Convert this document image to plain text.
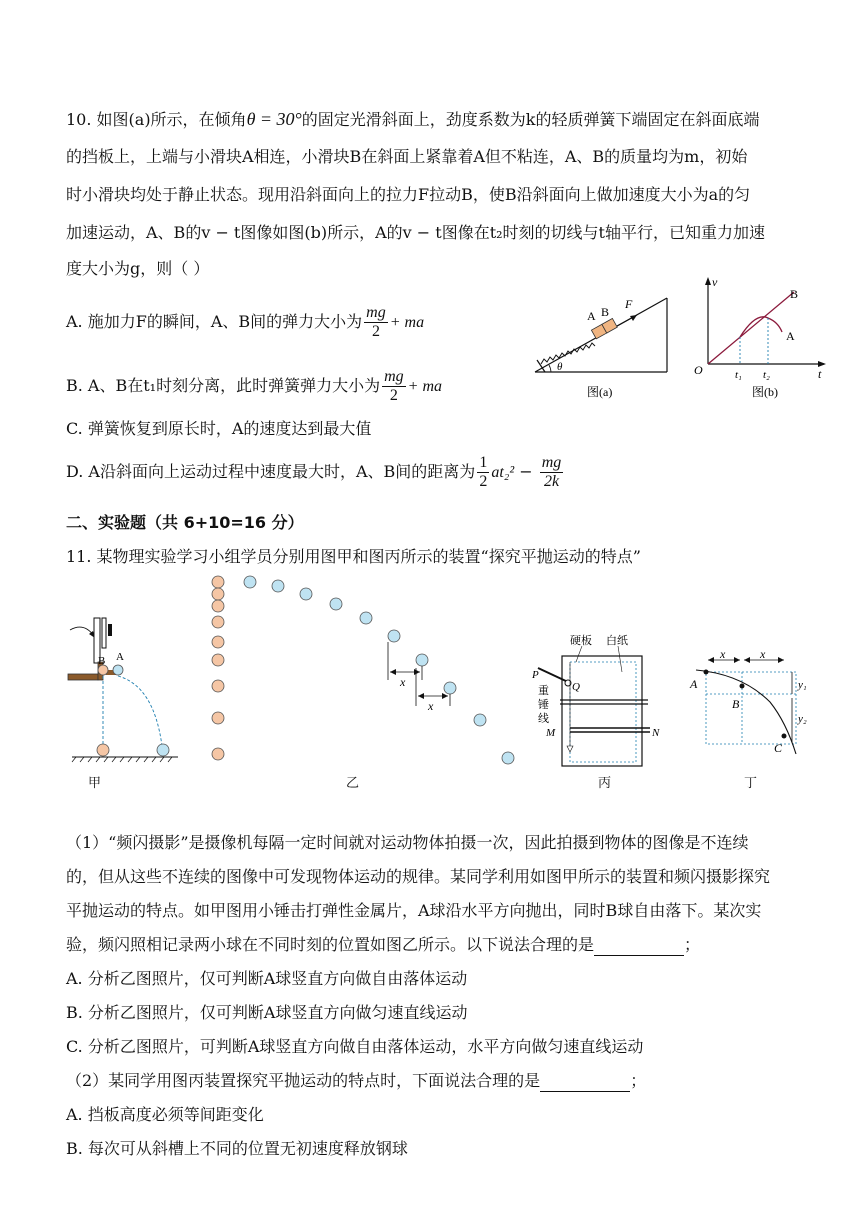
10. 如图(a)所示，在倾角θ = 30°的固定光滑斜面上，劲度系数为k的轻质弹簧下端固定在斜面底端
的挡板上，上端与小滑块A相连，小滑块B在斜面上紧靠着A但不粘连，A、B的质量均为m，初始
时小滑块均处于静止状态。现用沿斜面向上的拉力F拉动B，使B沿斜面向上做加速度大小为a的匀
加速运动，A、B的v − t图像如图(b)所示，A的v − t图像在t₂时刻的切线与t轴平行，已知重力加速
度大小为g，则（ ）
A. 施加力F的瞬间，A、B间的弹力大小为 $\frac{mg}{2}$ + ma
B. A、B在t₁时刻分离，此时弹簧弹力大小为 $\frac{mg}{2}$ + ma
C. 弹簧恢复到原长时，A的速度达到最大值
D. A沿斜面向上运动过程中速度最大时，A、B间的距离为 $\frac{1}{2} at_2^2 - \frac{mg}{2k}$
A B
F
θ
图(a)
v
t
O	t₁ t₂
B
A
图(b)
二、实验题（共 6+10=16 分）
11. 某物理实验学习小组学员分别用图甲和图丙所示的装置“探究平抛运动的特点”
B A
甲
x
x
乙
P
Q
硬板 白纸
重
锤
线
M	N
丙
x	x
y₁
y₂
A
B
C
丁
（1）“频闪摄影”是摄像机每隔一定时间就对运动物体拍摄一次，因此拍摄到物体的图像是不连续
的，但从这些不连续的图像中可发现物体运动的规律。某同学利用如图甲所示的装置和频闪摄影探究
平抛运动的特点。如甲图用小锤击打弹性金属片，A球沿水平方向抛出，同时B球自由落下。某次实
验，频闪照相记录两小球在不同时刻的位置如图乙所示。以下说法合理的是	；
A. 分析乙图照片，仅可判断A球竖直方向做自由落体运动
B. 分析乙图照片，仅可判断A球竖直方向做匀速直线运动
C. 分析乙图照片，可判断A球竖直方向做自由落体运动，水平方向做匀速直线运动
（2）某同学用图丙装置探究平抛运动的特点时，下面说法合理的是	；
A. 挡板高度必须等间距变化
B. 每次可从斜槽上不同的位置无初速度释放钢球
